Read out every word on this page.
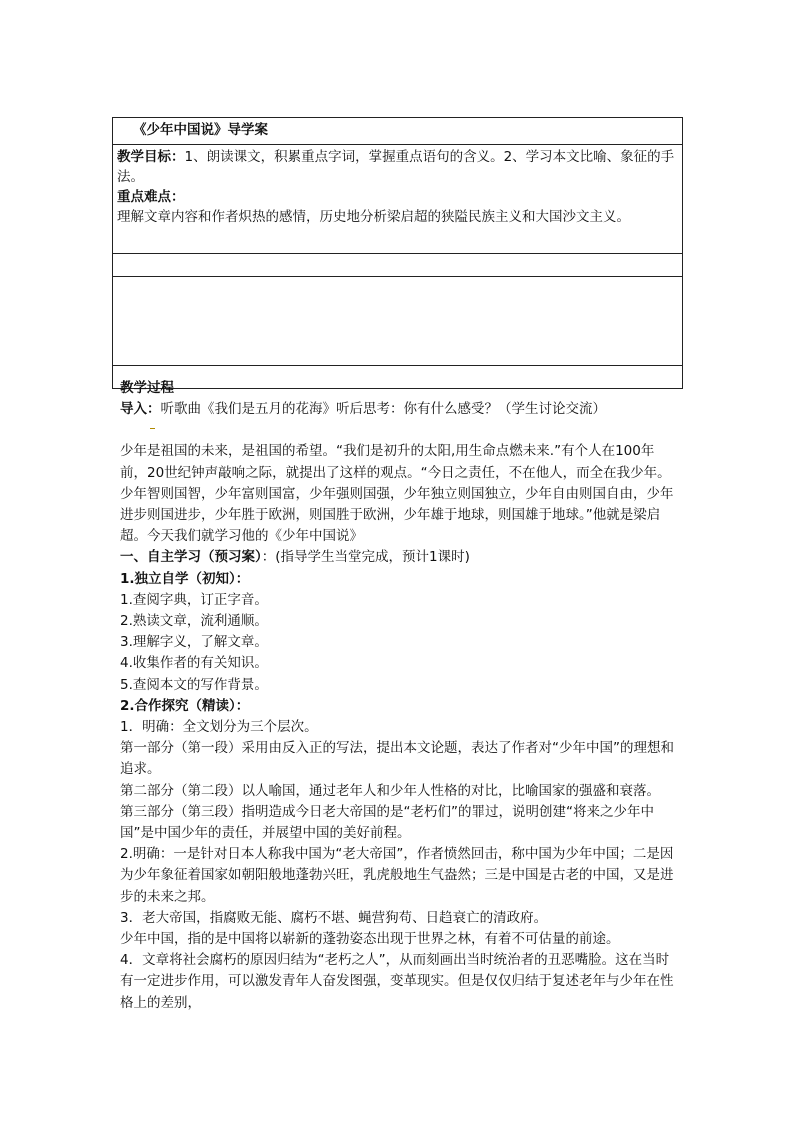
《少年中国说》导学案
教学目标：1、朗读课文，积累重点字词，掌握重点语句的含义。2、学习本文比喻、象征的手法。
重点难点：
理解文章内容和作者炽热的感情，历史地分析梁启超的狭隘民族主义和大国沙文主义。

教学过程

导入：听歌曲《我们是五月的花海》听后思考：你有什么感受？（学生讨论交流）

少年是祖国的未来，是祖国的希望。“我们是初升的太阳,用生命点燃未来.”有个人在100年前，20世纪钟声敲响之际，就提出了这样的观点。“今日之责任，不在他人，而全在我少年。少年智则国智，少年富则国富，少年强则国强，少年独立则国独立，少年自由则国自由，少年进步则国进步，少年胜于欧洲，则国胜于欧洲，少年雄于地球，则国雄于地球。”他就是梁启超。今天我们就学习他的《少年中国说》

一、自主学习（预习案）：(指导学生当堂完成，预计1课时)

1.独立自学（初知）：

1.查阅字典，订正字音。

2.熟读文章，流利通顺。

3.理解字义，了解文章。

4.收集作者的有关知识。

5.查阅本文的写作背景。

2.合作探究（精读）：

1．明确：全文划分为三个层次。

第一部分（第一段）采用由反入正的写法，提出本文论题，表达了作者对“少年中国”的理想和追求。

第二部分（第二段）以人喻国，通过老年人和少年人性格的对比，比喻国家的强盛和衰落。

第三部分（第三段）指明造成今日老大帝国的是“老朽们”的罪过，说明创建“将来之少年中国”是中国少年的责任，并展望中国的美好前程。

2.明确：一是针对日本人称我中国为“老大帝国”，作者愤然回击，称中国为少年中国；二是因为少年象征着国家如朝阳般地蓬勃兴旺，乳虎般地生气盎然；三是中国是古老的中国，又是进步的未来之邦。

3．老大帝国，指腐败无能、腐朽不堪、蝇营狗苟、日趋衰亡的清政府。

少年中国，指的是中国将以崭新的蓬勃姿态出现于世界之林，有着不可估量的前途。

4．文章将社会腐朽的原因归结为“老朽之人”，从而刻画出当时统治者的丑恶嘴脸。这在当时有一定进步作用，可以激发青年人奋发图强，变革现实。但是仅仅归结于复述老年与少年在性格上的差别，
